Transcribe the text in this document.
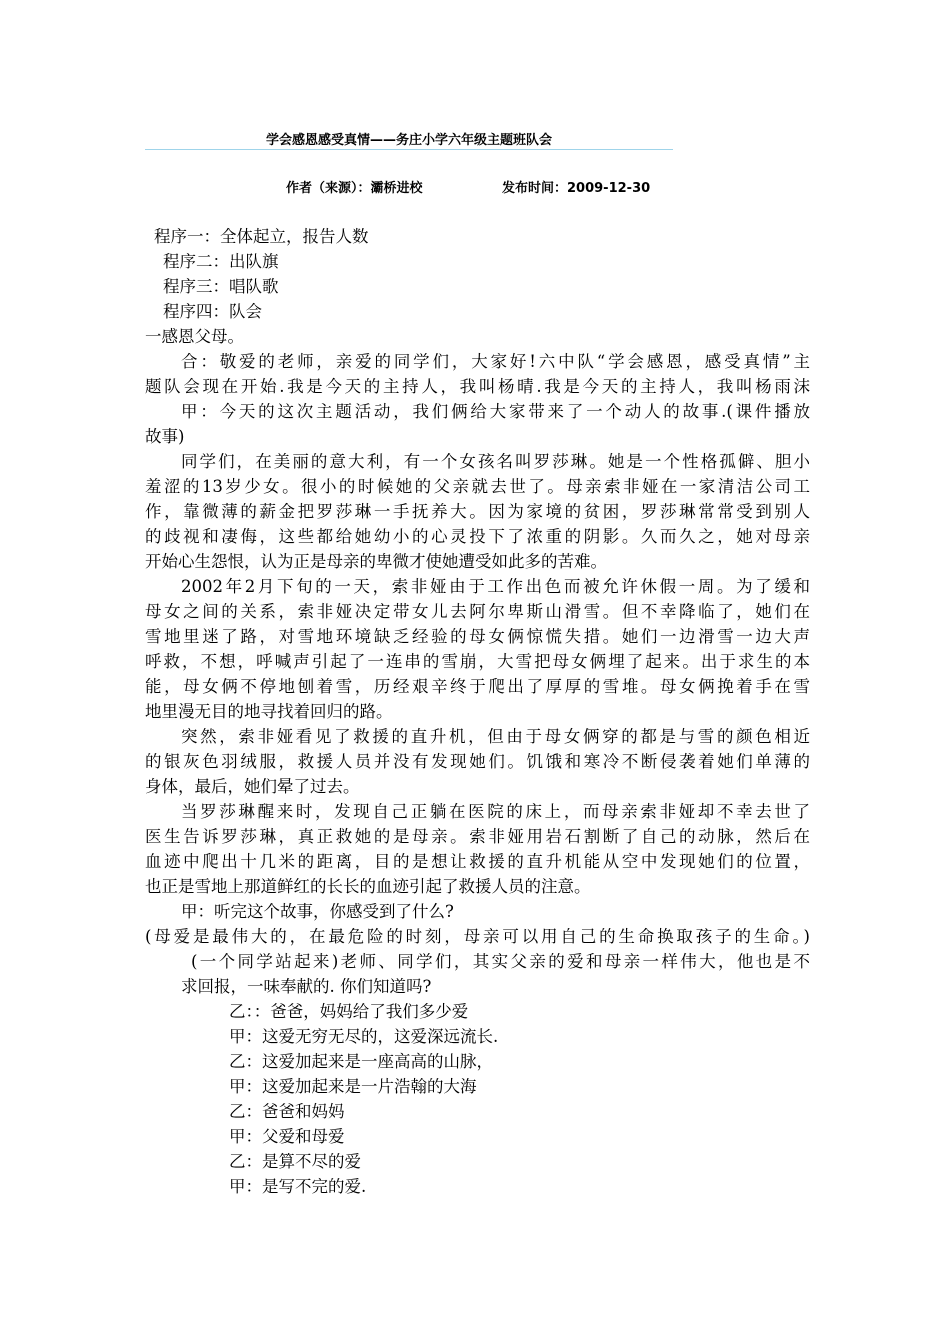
学会感恩感受真情——务庄小学六年级主题班队会
作者（来源）：灞桥进校	发布时间：2009-12-30
程序一：全体起立，报告人数
程序二：出队旗
程序三：唱队歌
程序四：队会
一感恩父母。
合：敬爱的老师，亲爱的同学们，大家好!六中队“学会感恩，感受真情”主
题队会现在开始.我是今天的主持人，我叫杨晴.我是今天的主持人，我叫杨雨沫
甲：今天的这次主题活动，我们俩给大家带来了一个动人的故事.(课件播放
故事)
同学们，在美丽的意大利，有一个女孩名叫罗莎琳。她是一个性格孤僻、胆小
羞涩的13岁少女。很小的时候她的父亲就去世了。母亲索非娅在一家清洁公司工
作，靠微薄的薪金把罗莎琳一手抚养大。因为家境的贫困，罗莎琳常常受到别人
的歧视和凄侮，这些都给她幼小的心灵投下了浓重的阴影。久而久之，她对母亲
开始心生怨恨，认为正是母亲的卑微才使她遭受如此多的苦难。
2002年2月下旬的一天，索非娅由于工作出色而被允许休假一周。为了缓和
母女之间的关系，索非娅决定带女儿去阿尔卑斯山滑雪。但不幸降临了，她们在
雪地里迷了路，对雪地环境缺乏经验的母女俩惊慌失措。她们一边滑雪一边大声
呼救，不想，呼喊声引起了一连串的雪崩，大雪把母女俩埋了起来。出于求生的本
能，母女俩不停地刨着雪，历经艰辛终于爬出了厚厚的雪堆。母女俩挽着手在雪
地里漫无目的地寻找着回归的路。
突然，索非娅看见了救援的直升机，但由于母女俩穿的都是与雪的颜色相近
的银灰色羽绒服，救援人员并没有发现她们。饥饿和寒冷不断侵袭着她们单薄的
身体，最后，她们晕了过去。
当罗莎琳醒来时，发现自己正躺在医院的床上，而母亲索非娅却不幸去世了
医生告诉罗莎琳，真正救她的是母亲。索非娅用岩石割断了自己的动脉，然后在
血迹中爬出十几米的距离，目的是想让救援的直升机能从空中发现她们的位置，
也正是雪地上那道鲜红的长长的血迹引起了救援人员的注意。
甲：听完这个故事，你感受到了什么?
(母爱是最伟大的，在最危险的时刻，母亲可以用自己的生命换取孩子的生命。)
(一个同学站起来)老师、同学们，其实父亲的爱和母亲一样伟大，他也是不
求回报，一味奉献的. 你们知道吗?
乙：：爸爸，妈妈给了我们多少爱
甲：这爱无穷无尽的，这爱深远流长.
乙：这爱加起来是一座高高的山脉，
甲：这爱加起来是一片浩翰的大海
乙：爸爸和妈妈
甲：父爱和母爱
乙：是算不尽的爱
甲：是写不完的爱.
